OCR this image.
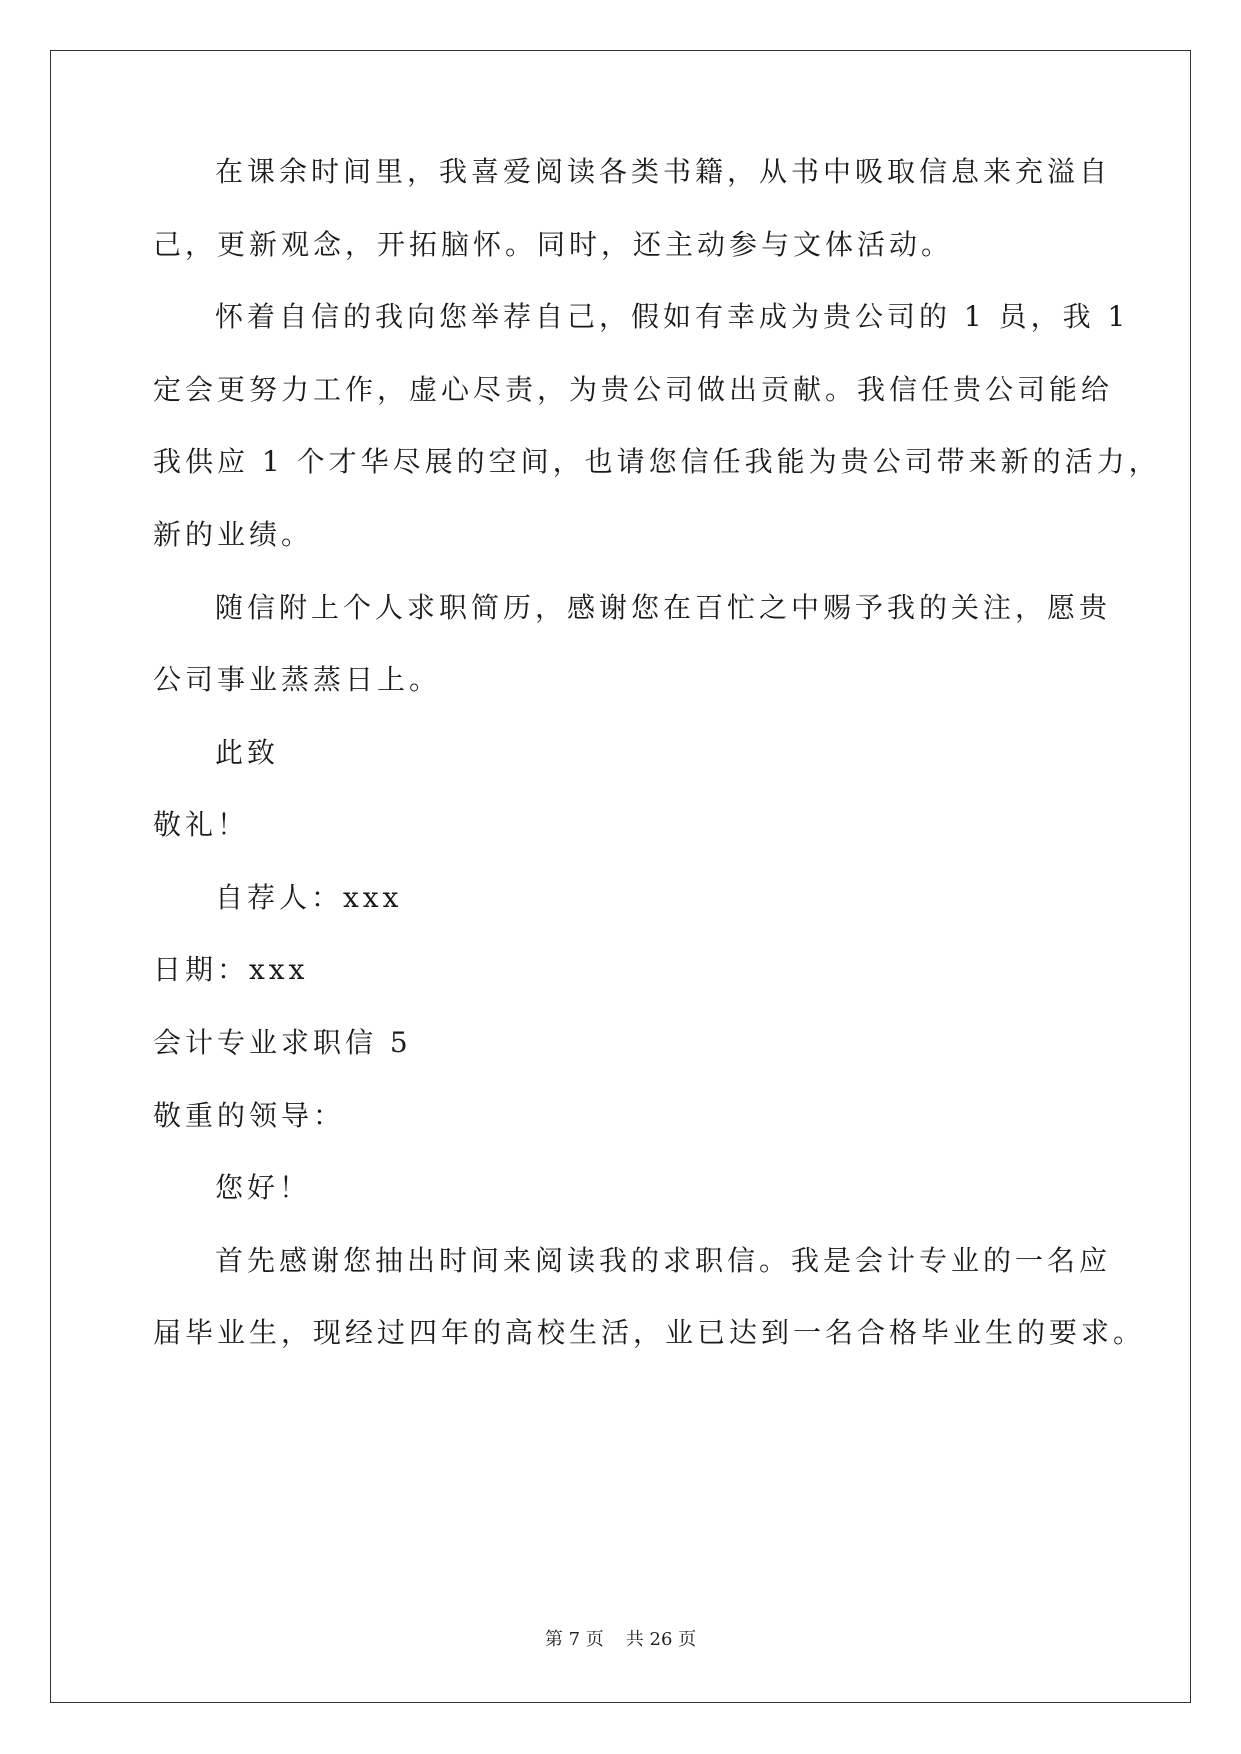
在课余时间里，我喜爱阅读各类书籍，从书中吸取信息来充溢自
己，更新观念，开拓脑怀。同时，还主动参与文体活动。
怀着自信的我向您举荐自己，假如有幸成为贵公司的 1 员，我 1
定会更努力工作，虚心尽责，为贵公司做出贡献。我信任贵公司能给
我供应 1 个才华尽展的空间，也请您信任我能为贵公司带来新的活力，
新的业绩。
随信附上个人求职简历，感谢您在百忙之中赐予我的关注，愿贵
公司事业蒸蒸日上。
此致
敬礼！
自荐人：xxx
日期：xxx
会计专业求职信 5
敬重的领导：
您好！
首先感谢您抽出时间来阅读我的求职信。我是会计专业的一名应
届毕业生，现经过四年的高校生活，业已达到一名合格毕业生的要求。
第 7 页 共 26 页
